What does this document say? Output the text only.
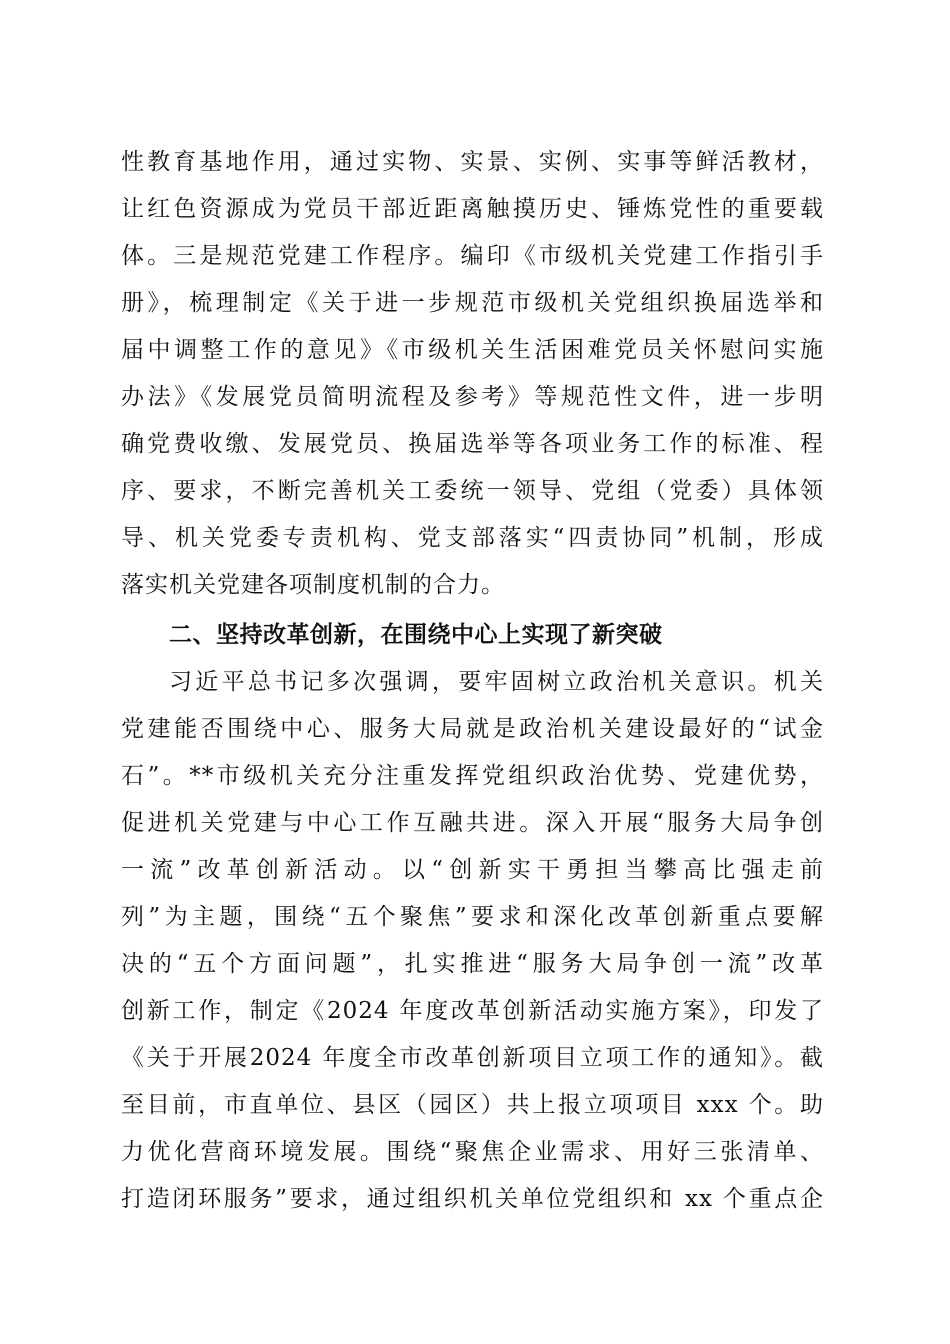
性教育基地作用，通过实物、实景、实例、实事等鲜活教材，
让红色资源成为党员干部近距离触摸历史、锤炼党性的重要载
体。三是规范党建工作程序。编印《市级机关党建工作指引手
册》，梳理制定《关于进一步规范市级机关党组织换届选举和
届中调整工作的意见》《市级机关生活困难党员关怀慰问实施
办法》《发展党员简明流程及参考》等规范性文件，进一步明
确党费收缴、发展党员、换届选举等各项业务工作的标准、程
序、要求，不断完善机关工委统一领导、党组（党委）具体领
导、机关党委专责机构、党支部落实“四责协同”机制，形成
落实机关党建各项制度机制的合力。
二、坚持改革创新，在围绕中心上实现了新突破
习近平总书记多次强调，要牢固树立政治机关意识。机关
党建能否围绕中心、服务大局就是政治机关建设最好的“试金
石”。**市级机关充分注重发挥党组织政治优势、党建优势，
促进机关党建与中心工作互融共进。深入开展“服务大局争创
一流”改革创新活动。以“创新实干勇担当攀高比强走前
列”为主题，围绕“五个聚焦”要求和深化改革创新重点要解
决的“五个方面问题”，扎实推进“服务大局争创一流”改革
创新工作，制定《2024 年度改革创新活动实施方案》，印发了
《关于开展2024 年度全市改革创新项目立项工作的通知》。截
至目前，市直单位、县区（园区）共上报立项项目 xxx 个。助
力优化营商环境发展。围绕“聚焦企业需求、用好三张清单、
打造闭环服务”要求，通过组织机关单位党组织和 xx 个重点企
